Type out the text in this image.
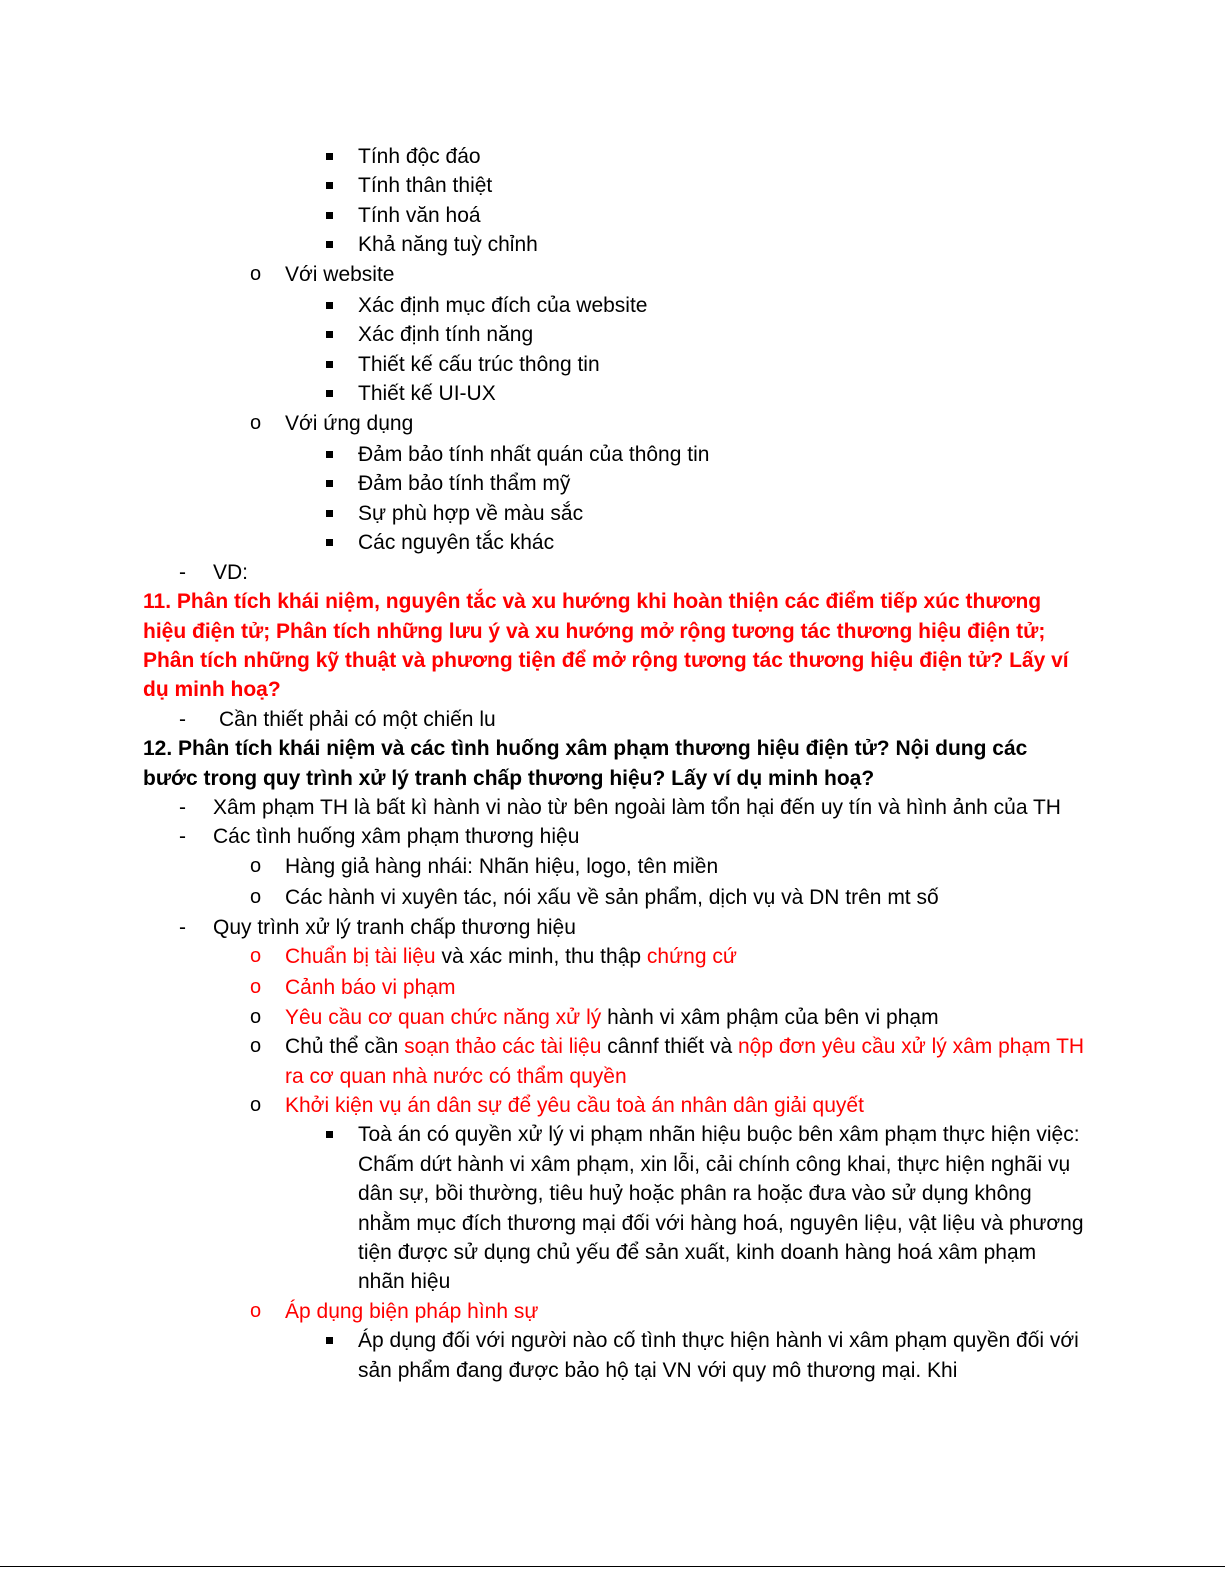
Tính độc đáo
Tính thân thiệt
Tính văn hoá
Khả năng tuỳ chỉnh
o Với website
Xác định mục đích của website
Xác định tính năng
Thiết kế cấu trúc thông tin
Thiết kế UI-UX
o Với ứng dụng
Đảm bảo tính nhất quán của thông tin
Đảm bảo tính thẩm mỹ
Sự phù hợp về màu sắc
Các nguyên tắc khác
- VD:
11. Phân tích khái niệm, nguyên tắc và xu hướng khi hoàn thiện các điểm tiếp xúc thương hiệu điện tử; Phân tích những lưu ý và xu hướng mở rộng tương tác thương hiệu điện tử; Phân tích những kỹ thuật và phương tiện để mở rộng tương tác thương hiệu điện tử? Lấy ví dụ minh hoạ?
- Cần thiết phải có một chiến lu
12. Phân tích khái niệm và các tình huống xâm phạm thương hiệu điện tử? Nội dung các bước trong quy trình xử lý tranh chấp thương hiệu? Lấy ví dụ minh hoạ?
- Xâm phạm TH là bất kì hành vi nào từ bên ngoài làm tổn hại đến uy tín và hình ảnh của TH
- Các tình huống xâm phạm thương hiệu
o Hàng giả hàng nhái: Nhãn hiệu, logo, tên miền
o Các hành vi xuyên tác, nói xấu về sản phẩm, dịch vụ và DN trên mt số
- Quy trình xử lý tranh chấp thương hiệu
o Chuẩn bị tài liệu và xác minh, thu thập chứng cứ
o Cảnh báo vi phạm
o Yêu cầu cơ quan chức năng xử lý hành vi xâm phậm của bên vi phạm
o Chủ thể cần soạn thảo các tài liệu cânnf thiết và nộp đơn yêu cầu xử lý xâm phạm TH ra cơ quan nhà nước có thẩm quyền
o Khởi kiện vụ án dân sự để yêu cầu toà án nhân dân giải quyết
Toà án có quyền xử lý vi phạm nhãn hiệu buộc bên xâm phạm thực hiện việc: Chấm dứt hành vi xâm phạm, xin lỗi, cải chính công khai, thực hiện nghãi vụ dân sự, bồi thường, tiêu huỷ hoặc phân ra hoặc đưa vào sử dụng không nhằm mục đích thương mại đối với hàng hoá, nguyên liệu, vật liệu và phương tiện được sử dụng chủ yếu để sản xuất, kinh doanh hàng hoá xâm phạm nhãn hiệu
o Áp dụng biện pháp hình sự
Áp dụng đối với người nào cố tình thực hiện hành vi xâm phạm quyền đối với sản phẩm đang được bảo hộ tại VN với quy mô thương mại. Khi
